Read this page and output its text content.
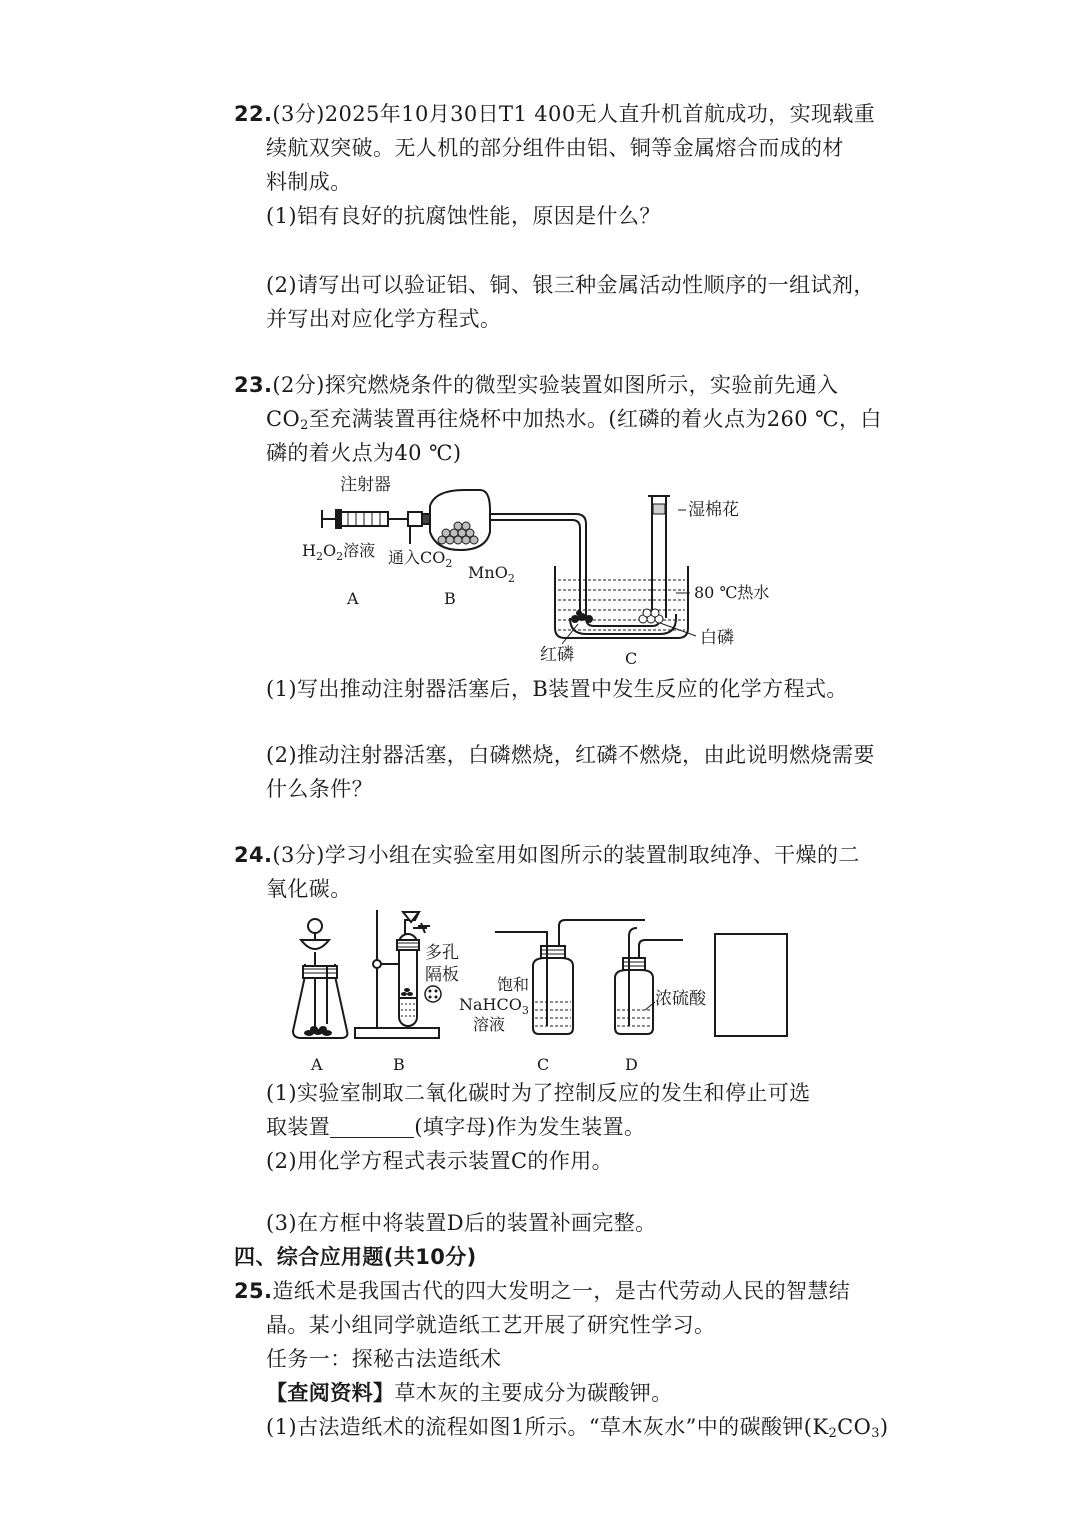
22.(3分)2025年10月30日T1 400无人直升机首航成功，实现载重
续航双突破。无人机的部分组件由铝、铜等金属熔合而成的材
料制成。
(1)铝有良好的抗腐蚀性能，原因是什么？
(2)请写出可以验证铝、铜、银三种金属活动性顺序的一组试剂，
并写出对应化学方程式。
23.(2分)探究燃烧条件的微型实验装置如图所示，实验前先通入
$CO_2$至充满装置再往烧杯中加热水。(红磷的着火点为260 ℃，白
磷的着火点为40 ℃)
注射器
$H_2O_2$溶液 通入$CO_2$ MnO$_2$
湿棉花
80 ℃热水
白磷
红磷
A	B
C
(1)写出推动注射器活塞后，B装置中发生反应的化学方程式。
(2)推动注射器活塞，白磷燃烧，红磷不燃烧，由此说明燃烧需要
什么条件？
24.(3分)学习小组在实验室用如图所示的装置制取纯净、干燥的二
氧化碳。
多孔
隔板 饱和
NaHCO$_3$
溶液
浓硫酸
A	B	C	D
(1)实验室制取二氧化碳时为了控制反应的发生和停止可选
取装置	(填字母)作为发生装置。
(2)用化学方程式表示装置C的作用。
(3)在方框中将装置D后的装置补画完整。
四、综合应用题(共10分)
25.造纸术是我国古代的四大发明之一，是古代劳动人民的智慧结
晶。某小组同学就造纸工艺开展了研究性学习。
任务一：探秘古法造纸术
【查阅资料】草木灰的主要成分为碳酸钾。
(1)古法造纸术的流程如图1所示。“草木灰水”中的碳酸钾$(K_2CO_3)$
